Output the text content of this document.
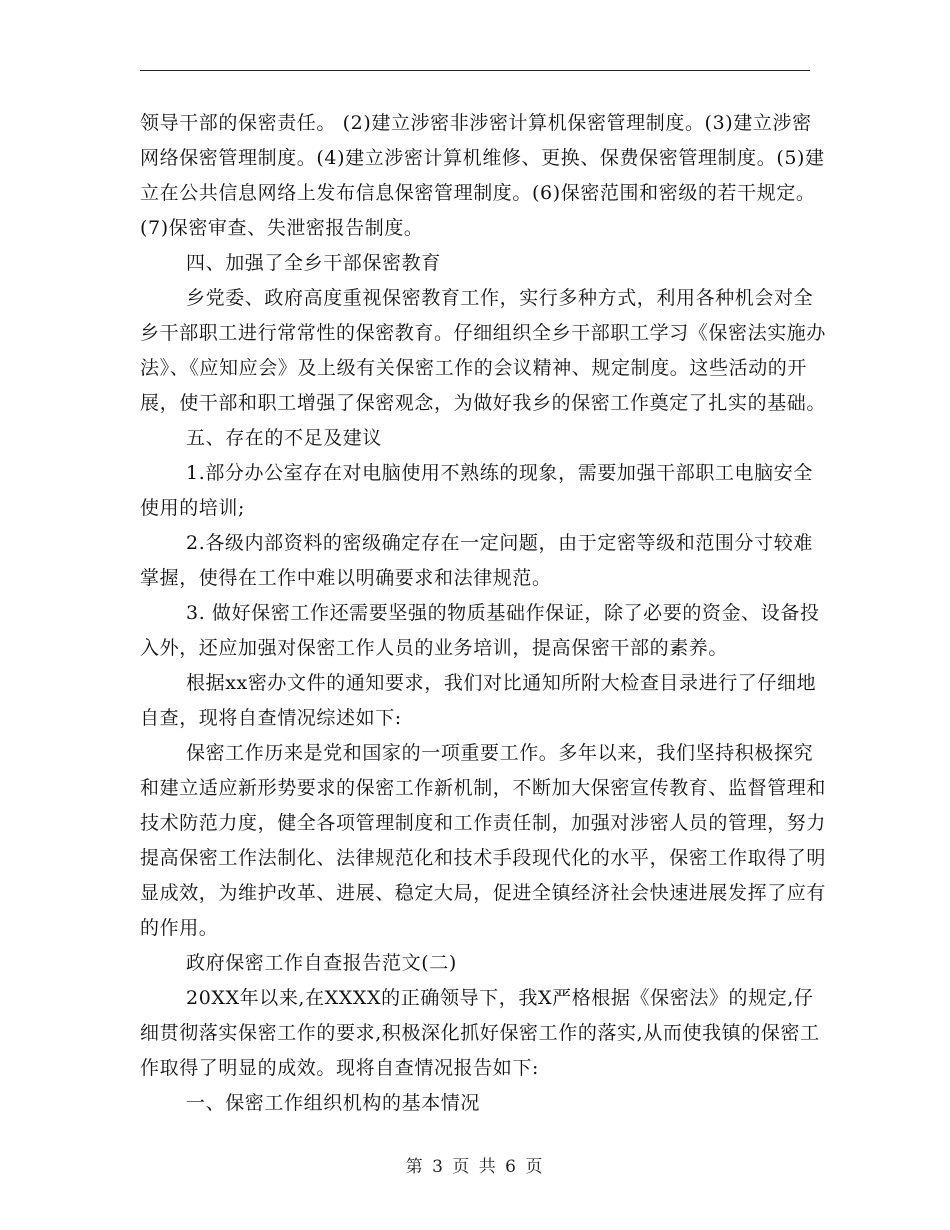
领导干部的保密责任。 (2)建立涉密非涉密计算机保密管理制度。(3)建立涉密网络保密管理制度。(4)建立涉密计算机维修、更换、保费保密管理制度。(5)建立在公共信息网络上发布信息保密管理制度。(6)保密范围和密级的若干规定。(7)保密审查、失泄密报告制度。

四、加强了全乡干部保密教育

乡党委、政府高度重视保密教育工作，实行多种方式，利用各种机会对全乡干部职工进行常常性的保密教育。仔细组织全乡干部职工学习《保密法实施办法》、《应知应会》及上级有关保密工作的会议精神、规定制度。这些活动的开展，使干部和职工增强了保密观念，为做好我乡的保密工作奠定了扎实的基础。

五、存在的不足及建议

1.部分办公室存在对电脑使用不熟练的现象，需要加强干部职工电脑安全使用的培训;

2.各级内部资料的密级确定存在一定问题，由于定密等级和范围分寸较难掌握，使得在工作中难以明确要求和法律规范。

3. 做好保密工作还需要坚强的物质基础作保证，除了必要的资金、设备投入外，还应加强对保密工作人员的业务培训，提高保密干部的素养。

根据xx密办文件的通知要求，我们对比通知所附大检查目录进行了仔细地自查，现将自查情况综述如下:

保密工作历来是党和国家的一项重要工作。多年以来，我们坚持积极探究和建立适应新形势要求的保密工作新机制，不断加大保密宣传教育、监督管理和技术防范力度，健全各项管理制度和工作责任制，加强对涉密人员的管理，努力提高保密工作法制化、法律规范化和技术手段现代化的水平，保密工作取得了明显成效，为维护改革、进展、稳定大局，促进全镇经济社会快速进展发挥了应有的作用。

政府保密工作自查报告范文(二)

20XX年以来,在XXXX的正确领导下，我X严格根据《保密法》的规定,仔细贯彻落实保密工作的要求,积极深化抓好保密工作的落实,从而使我镇的保密工作取得了明显的成效。现将自查情况报告如下:

一、保密工作组织机构的基本情况

第 3 页 共 6 页
